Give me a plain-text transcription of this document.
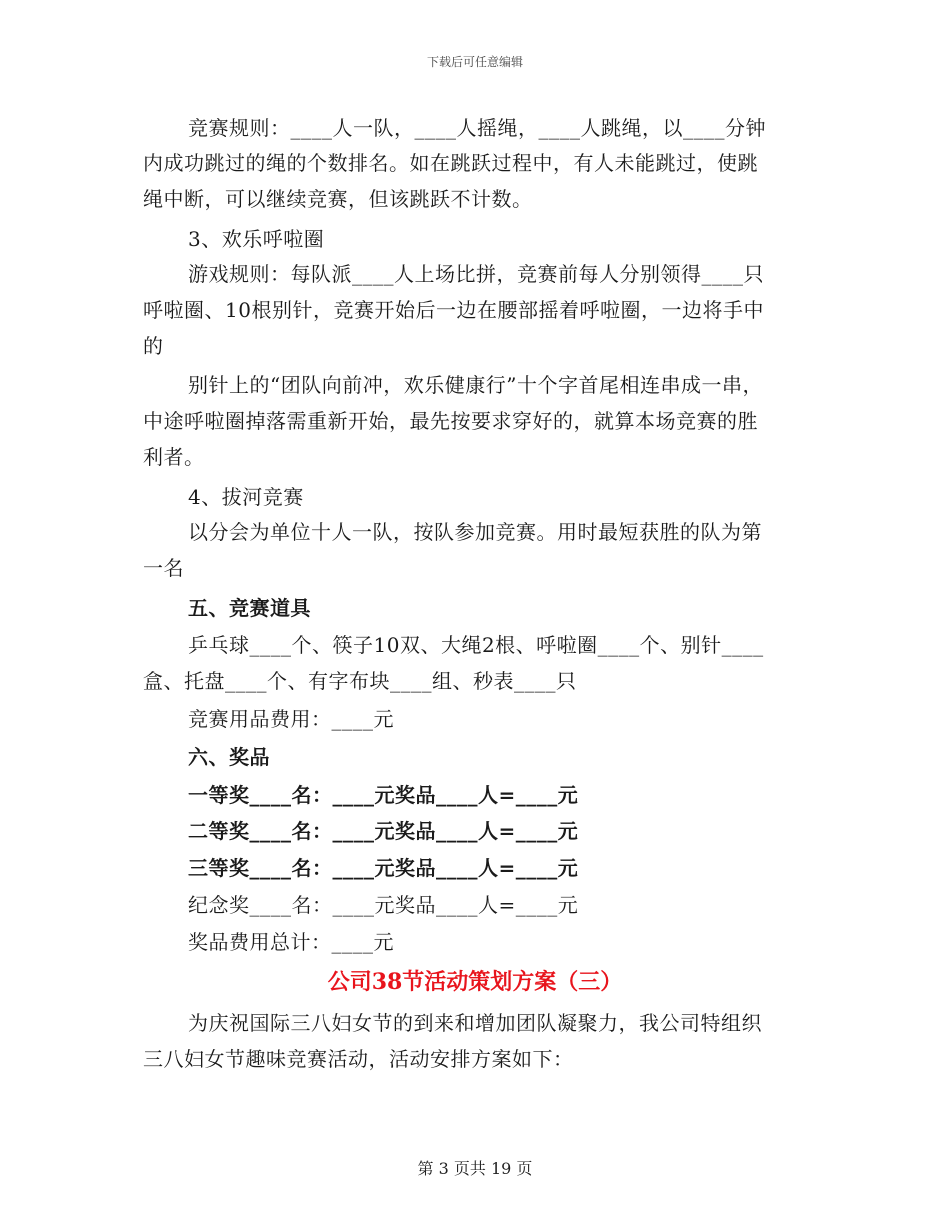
下载后可任意编辑
竞赛规则：____人一队，____人摇绳，____人跳绳，以____分钟
内成功跳过的绳的个数排名。如在跳跃过程中，有人未能跳过，使跳
绳中断，可以继续竞赛，但该跳跃不计数。
3、欢乐呼啦圈
游戏规则：每队派____人上场比拼，竞赛前每人分别领得____只
呼啦圈、10根别针，竞赛开始后一边在腰部摇着呼啦圈，一边将手中
的
别针上的“团队向前冲，欢乐健康行”十个字首尾相连串成一串，
中途呼啦圈掉落需重新开始，最先按要求穿好的，就算本场竞赛的胜
利者。
4、拔河竞赛
以分会为单位十人一队，按队参加竞赛。用时最短获胜的队为第
一名
五、竞赛道具
乒乓球____个、筷子10双、大绳2根、呼啦圈____个、别针____
盒、托盘____个、有字布块____组、秒表____只
竞赛用品费用：____元
六、奖品
一等奖____名：____元奖品____人=____元
二等奖____名：____元奖品____人=____元
三等奖____名：____元奖品____人=____元
纪念奖____名：____元奖品____人=____元
奖品费用总计：____元
公司38节活动策划方案（三）
为庆祝国际三八妇女节的到来和增加团队凝聚力，我公司特组织
三八妇女节趣味竞赛活动，活动安排方案如下：
第 3 页共 19 页
